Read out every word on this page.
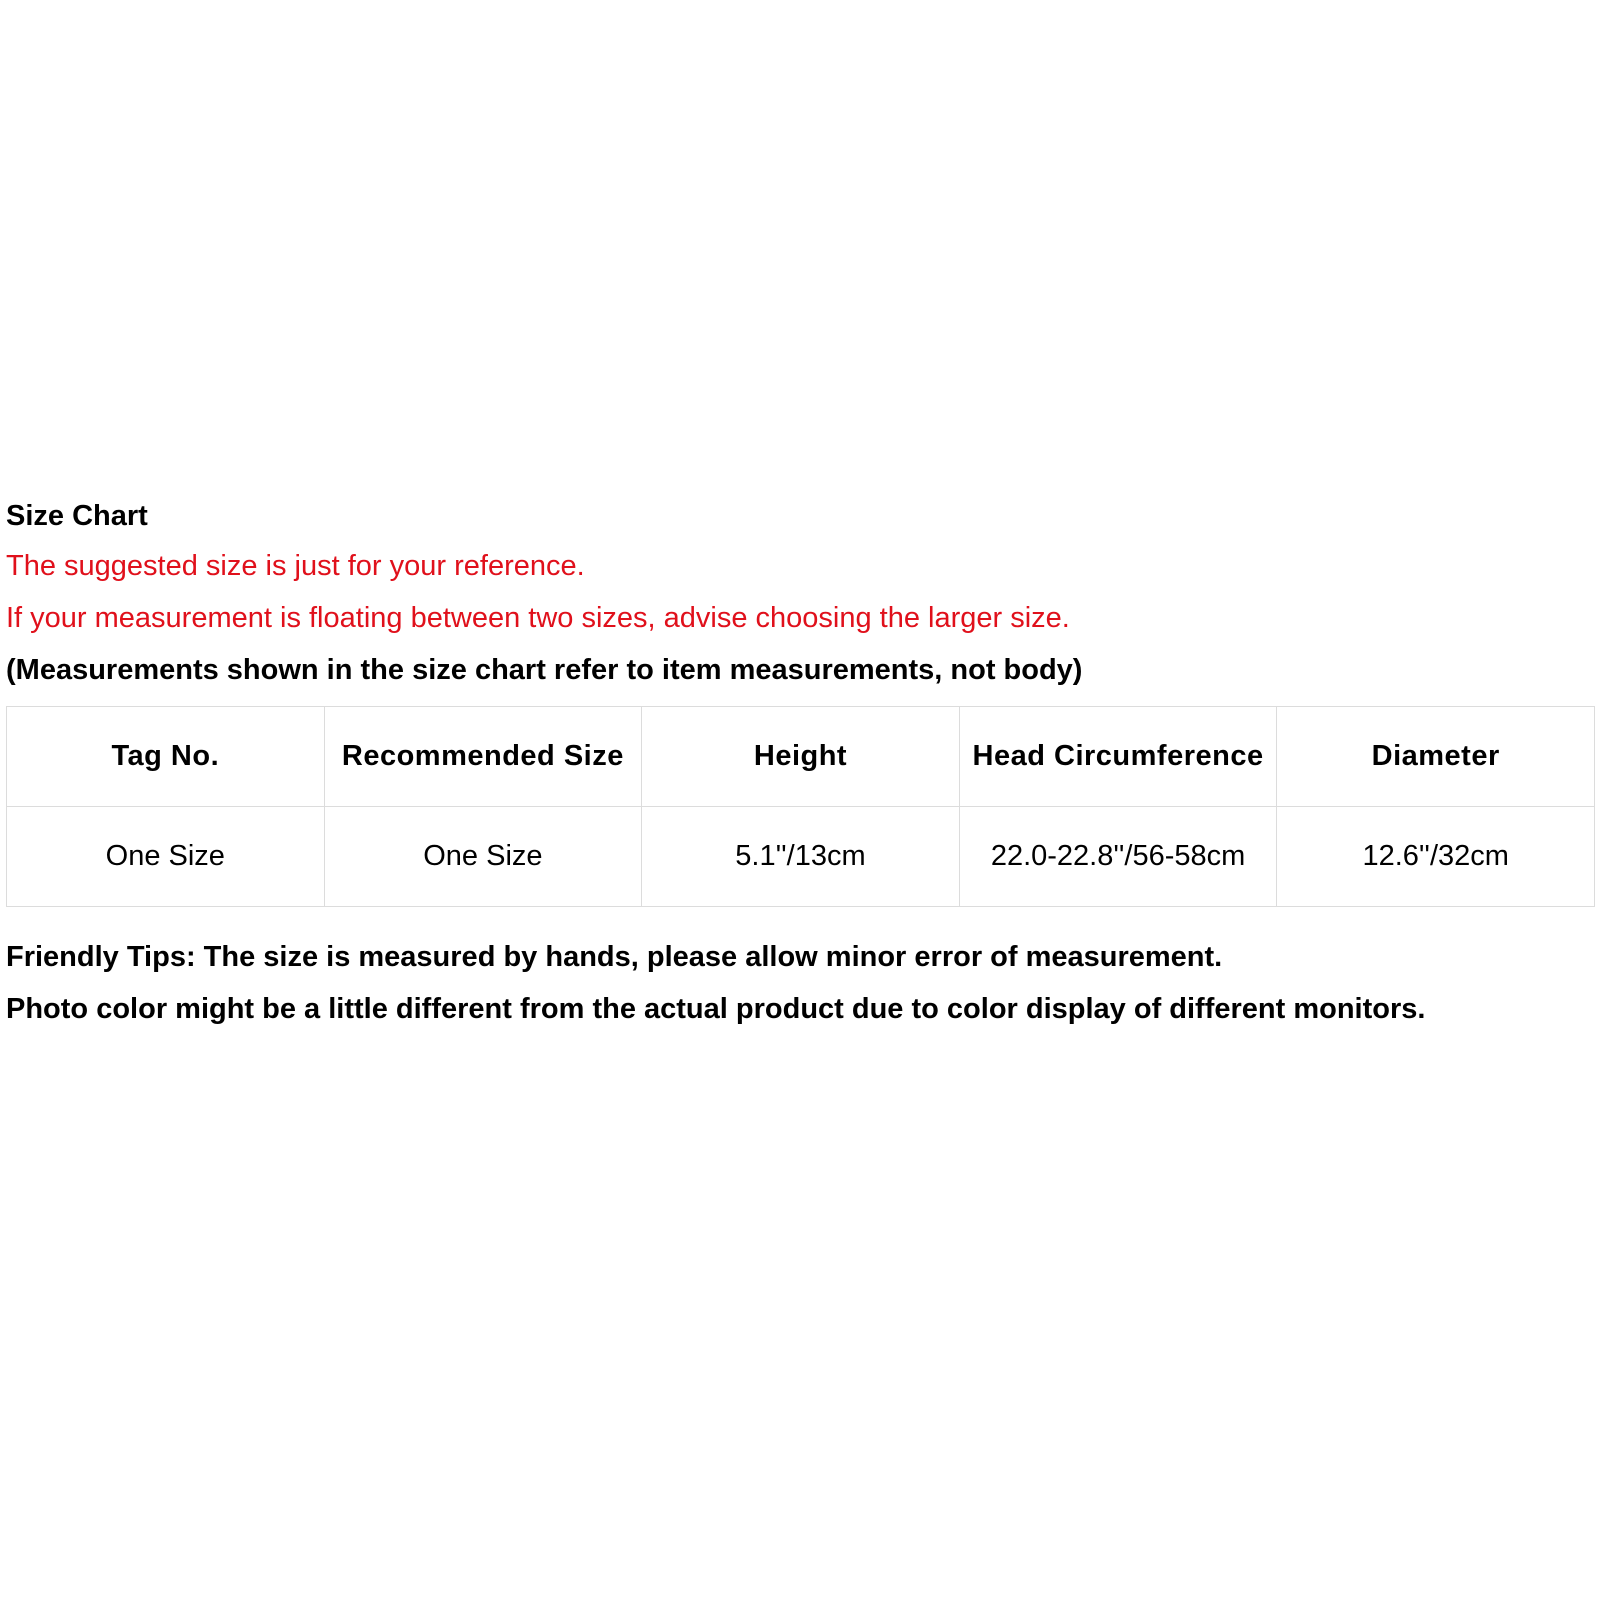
Size Chart
The suggested size is just for your reference.
If your measurement is floating between two sizes, advise choosing the larger size.
(Measurements shown in the size chart refer to item measurements, not body)
Tag No.	Recommended Size	Height	Head Circumference	Diameter
One Size	One Size	5.1''/13cm	22.0-22.8''/56-58cm	12.6''/32cm
Friendly Tips: The size is measured by hands, please allow minor error of measurement.
Photo color might be a little different from the actual product due to color display of different monitors.
